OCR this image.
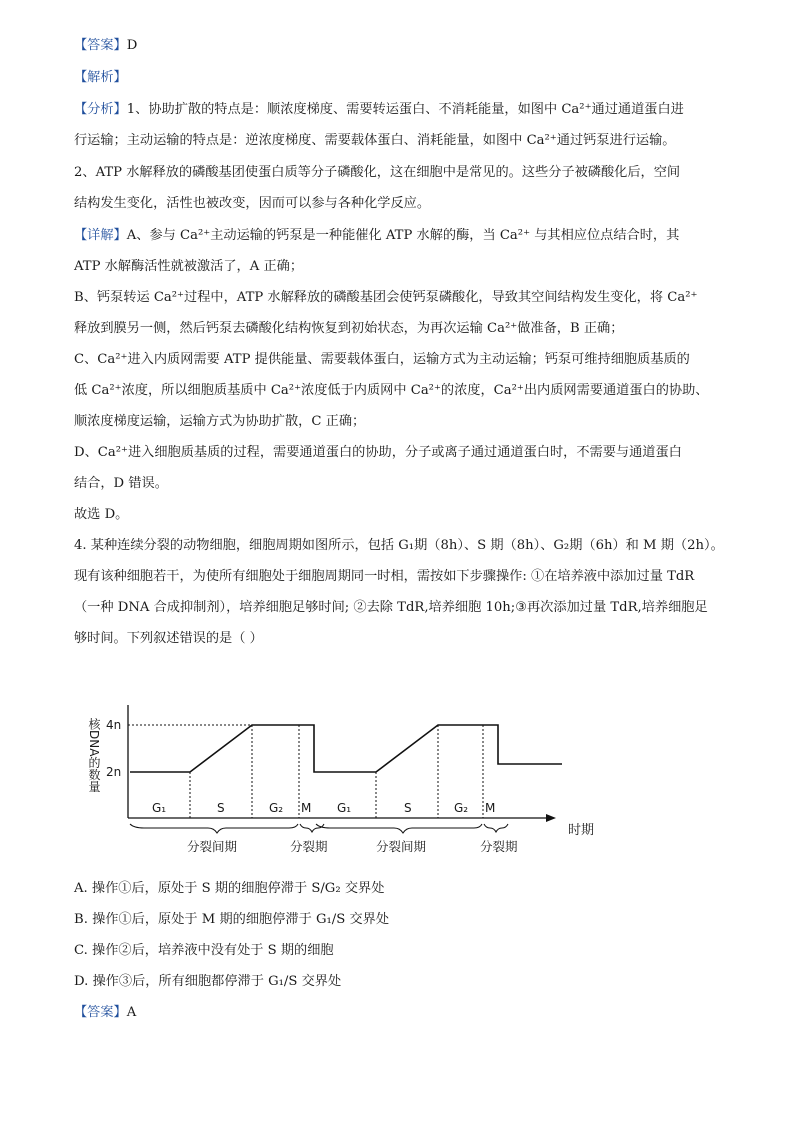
【答案】D
【解析】
【分析】1、协助扩散的特点是：顺浓度梯度、需要转运蛋白、不消耗能量，如图中 Ca²⁺通过通道蛋白进
行运输；主动运输的特点是：逆浓度梯度、需要载体蛋白、消耗能量，如图中 Ca²⁺通过钙泵进行运输。
2、ATP 水解释放的磷酸基团使蛋白质等分子磷酸化，这在细胞中是常见的。这些分子被磷酸化后，空间
结构发生变化，活性也被改变，因而可以参与各种化学反应。
【详解】A、参与 Ca²⁺主动运输的钙泵是一种能催化 ATP 水解的酶，当 Ca²⁺ 与其相应位点结合时，其
ATP 水解酶活性就被激活了，A 正确；
B、钙泵转运 Ca²⁺过程中，ATP 水解释放的磷酸基团会使钙泵磷酸化，导致其空间结构发生变化，将 Ca²⁺
释放到膜另一侧，然后钙泵去磷酸化结构恢复到初始状态，为再次运输 Ca²⁺做准备，B 正确；
C、Ca²⁺进入内质网需要 ATP 提供能量、需要载体蛋白，运输方式为主动运输；钙泵可维持细胞质基质的
低 Ca²⁺浓度，所以细胞质基质中 Ca²⁺浓度低于内质网中 Ca²⁺的浓度，Ca²⁺出内质网需要通道蛋白的协助、
顺浓度梯度运输，运输方式为协助扩散，C 正确；
D、Ca²⁺进入细胞质基质的过程，需要通道蛋白的协助，分子或离子通过通道蛋白时，不需要与通道蛋白
结合，D 错误。
故选 D。
4. 某种连续分裂的动物细胞，细胞周期如图所示，包括 G₁期（8h）、S 期（8h）、G₂期（6h）和 M 期（2h）。
现有该种细胞若干，为使所有细胞处于细胞周期同一时相，需按如下步骤操作: ①在培养液中添加过量 TdR
（一种 DNA 合成抑制剂），培养细胞足够时间; ②去除 TdR,培养细胞 10h;③再次添加过量 TdR,培养细胞足
够时间。下列叙述错误的是（ ）
核DNA的数量 4n
2n
G₁	S	G₂ M G₁	S	G₂ M
分裂间期	分裂期	分裂间期	分裂期
时期
A. 操作①后，原处于 S 期的细胞停滞于 S/G₂ 交界处
B. 操作①后，原处于 M 期的细胞停滞于 G₁/S 交界处
C. 操作②后，培养液中没有处于 S 期的细胞
D. 操作③后，所有细胞都停滞于 G₁/S 交界处
【答案】A
